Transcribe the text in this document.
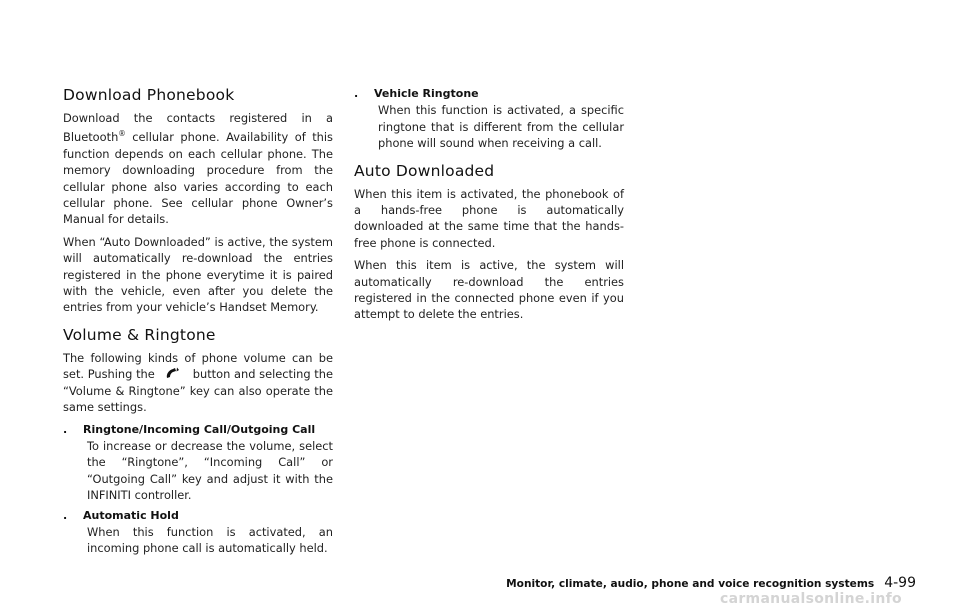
Download Phonebook

Download the contacts registered in a Bluetooth® cellular phone. Availability of this function depends on each cellular phone. The memory downloading procedure from the cellular phone also varies according to each cellular phone. See cellular phone Owner’s Manual for details.

When “Auto Downloaded” is active, the system will automatically re-download the entries registered in the phone everytime it is paired with the vehicle, even after you delete the entries from your vehicle’s Handset Memory.

Volume & Ringtone

The following kinds of phone volume can be set. Pushing the	button and selecting the “Volume & Ringtone” key can also operate the same settings.

. Ringtone/Incoming Call/Outgoing Call

To increase or decrease the volume, select the “Ringtone”, “Incoming Call” or “Outgoing Call” key and adjust it with the INFINITI controller.

. Automatic Hold

When this function is activated, an incoming phone call is automatically held.

. Vehicle Ringtone

When this function is activated, a specific ringtone that is different from the cellular phone will sound when receiving a call.

Auto Downloaded

When this item is activated, the phonebook of a hands-free phone is automatically downloaded at the same time that the hands-free phone is connected.

When this item is active, the system will automatically re-download the entries registered in the connected phone even if you attempt to delete the entries.

Monitor, climate, audio, phone and voice recognition systems 4-99
carmanualsonline.info
